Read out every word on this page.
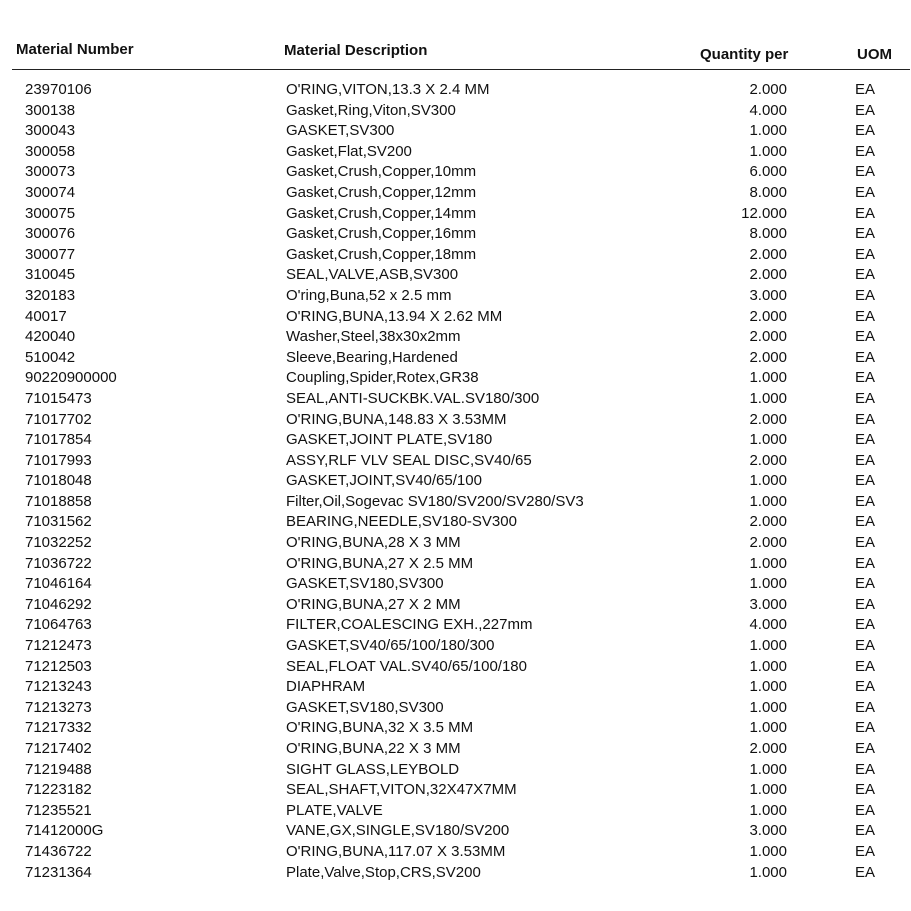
Material Number	Material Description	Quantity per	UOM
23970106	O'RING,VITON,13.3 X 2.4 MM	2.000	EA
300138	Gasket,Ring,Viton,SV300	4.000	EA
300043	GASKET,SV300	1.000	EA
300058	Gasket,Flat,SV200	1.000	EA
300073	Gasket,Crush,Copper,10mm	6.000	EA
300074	Gasket,Crush,Copper,12mm	8.000	EA
300075	Gasket,Crush,Copper,14mm	12.000	EA
300076	Gasket,Crush,Copper,16mm	8.000	EA
300077	Gasket,Crush,Copper,18mm	2.000	EA
310045	SEAL,VALVE,ASB,SV300	2.000	EA
320183	O'ring,Buna,52 x 2.5 mm	3.000	EA
40017	O'RING,BUNA,13.94 X 2.62 MM	2.000	EA
420040	Washer,Steel,38x30x2mm	2.000	EA
510042	Sleeve,Bearing,Hardened	2.000	EA
90220900000	Coupling,Spider,Rotex,GR38	1.000	EA
71015473	SEAL,ANTI-SUCKBK.VAL.SV180/300	1.000	EA
71017702	O'RING,BUNA,148.83 X 3.53MM	2.000	EA
71017854	GASKET,JOINT PLATE,SV180	1.000	EA
71017993	ASSY,RLF VLV SEAL DISC,SV40/65	2.000	EA
71018048	GASKET,JOINT,SV40/65/100	1.000	EA
71018858	Filter,Oil,Sogevac SV180/SV200/SV280/SV3	1.000	EA
71031562	BEARING,NEEDLE,SV180-SV300	2.000	EA
71032252	O'RING,BUNA,28 X 3 MM	2.000	EA
71036722	O'RING,BUNA,27 X 2.5 MM	1.000	EA
71046164	GASKET,SV180,SV300	1.000	EA
71046292	O'RING,BUNA,27 X 2 MM	3.000	EA
71064763	FILTER,COALESCING EXH.,227mm	4.000	EA
71212473	GASKET,SV40/65/100/180/300	1.000	EA
71212503	SEAL,FLOAT VAL.SV40/65/100/180	1.000	EA
71213243	DIAPHRAM	1.000	EA
71213273	GASKET,SV180,SV300	1.000	EA
71217332	O'RING,BUNA,32 X 3.5 MM	1.000	EA
71217402	O'RING,BUNA,22 X 3 MM	2.000	EA
71219488	SIGHT GLASS,LEYBOLD	1.000	EA
71223182	SEAL,SHAFT,VITON,32X47X7MM	1.000	EA
71235521	PLATE,VALVE	1.000	EA
71412000G	VANE,GX,SINGLE,SV180/SV200	3.000	EA
71436722	O'RING,BUNA,117.07 X 3.53MM	1.000	EA
71231364	Plate,Valve,Stop,CRS,SV200	1.000	EA
